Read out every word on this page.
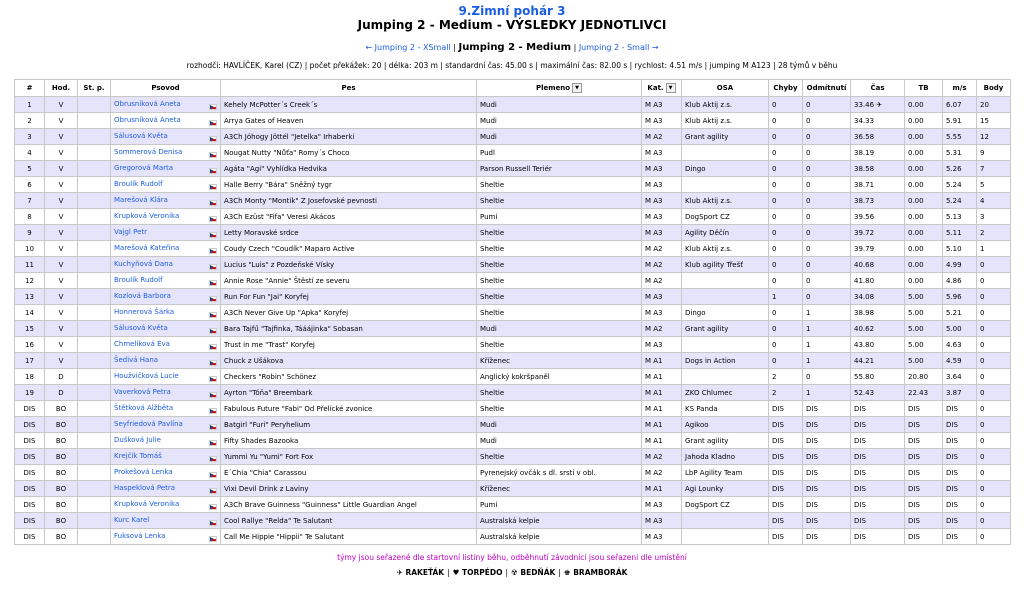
9.Zimní pohár 3
Jumping 2 - Medium - VÝSLEDKY JEDNOTLIVCI
← Jumping 2 - XSmall | Jumping 2 - Medium | Jumping 2 - Small →
rozhodčí: HAVLÍČEK, Karel (CZ) | počet překážek: 20 | délka: 203 m | standardní čas: 45.00 s | maximální čas: 82.00 s | rychlost: 4.51 m/s | jumping M A123 | 28 týmů v běhu
#	Hod.	St. p.	Psovod	Pes	Plemeno ▼	Kat. ▼	OSA	Chyby	Odmítnutí	Čas	TB	m/s	Body
1	V		Obrusníková Aneta	Kehely McPotter´s Creek´s	Mudi	M A3	Klub Aktij z.s.	0	0	33.46 ✈	0.00	6.07	20
2	V		Obrusníková Aneta	Arrya Gates of Heaven	Mudi	M A3	Klub Aktij z.s.	0	0	34.33	0.00	5.91	15
3	V		Sálusová Květa	A3Ch Jóhogy Jöttél "Jetelka" Irhaberki	Mudi	M A2	Grant agility	0	0	36.58	0.00	5.55	12
4	V		Sommerová Denisa	Nougat Nutty "Nůťa" Romy´s Choco	Pudl	M A3		0	0	38.19	0.00	5.31	9
5	V		Gregorová Marta	Agáta "Agi" Vyhlídka Hedvika	Parson Russell Teriér	M A3	Dingo	0	0	38.58	0.00	5.26	7
6	V		Broulík Rudolf	Halle Berry "Bára" Sněžný tygr	Sheltie	M A3		0	0	38.71	0.00	5.24	5
7	V		Marešová Klára	A3Ch Monty "Montík" Z Josefovské pevnosti	Sheltie	M A3	Klub Aktij z.s.	0	0	38.73	0.00	5.24	4
8	V		Krupková Veronika	A3Ch Ezüst "Fifa" Veresi Akácos	Pumi	M A3	DogSport CZ	0	0	39.56	0.00	5.13	3
9	V		Vajgl Petr	Letty Moravské srdce	Sheltie	M A3	Agility Děčín	0	0	39.72	0.00	5.11	2
10	V		Marešová Kateřina	Coudy Czech "Coudík" Maparo Active	Sheltie	M A2	Klub Aktij z.s.	0	0	39.79	0.00	5.10	1
11	V		Kuchyňová Dana	Lucius "Luis" z Pozdeňské Vísky	Sheltie	M A2	Klub agility Třešť	0	0	40.68	0.00	4.99	0
12	V		Broulík Rudolf	Annie Rose "Annie" Štěstí ze severu	Sheltie	M A2		0	0	41.80	0.00	4.86	0
13	V		Kozlová Barbora	Run For Fun "Jai" Koryfej	Sheltie	M A3		1	0	34.08	5.00	5.96	0
14	V		Honnerová Šárka	A3Ch Never Give Up "Apka" Koryfej	Sheltie	M A3	Dingo	0	1	38.98	5.00	5.21	0
15	V		Sálusová Květa	Bara Tajfű "Tajfinka, Tááájinka" Sobasan	Mudi	M A2	Grant agility	0	1	40.62	5.00	5.00	0
16	V		Chmelíková Eva	Trust in me "Trast" Koryfej	Sheltie	M A3		0	1	43.80	5.00	4.63	0
17	V		Šedivá Hana	Chuck z Ušákova	Kříženec	M A1	Dogs in Action	0	1	44.21	5.00	4.59	0
18	D		Houžvičková Lucie	Checkers "Robin" Schönez	Anglický kokršpaněl	M A1		2	0	55.80	20.80	3.64	0
19	D		Vaverková Petra	Ayrton "Tóňa" Breembark	Sheltie	M A1	ZKO Chlumec	2	1	52.43	22.43	3.87	0
DIS	BO		Štětková Alžběta	Fabulous Future "Fabi" Od Přelícké zvonice	Sheltie	M A1	KS Panda	DIS	DIS	DIS	DIS	DIS	0
DIS	BO		Seyfriedová Pavlína	Batgirl "Furi" Peryhelium	Mudi	M A1	Agikoo	DIS	DIS	DIS	DIS	DIS	0
DIS	BO		Dušková Julie	Fifty Shades Bazooka	Mudi	M A1	Grant agility	DIS	DIS	DIS	DIS	DIS	0
DIS	BO		Krejčík Tomáš	Yummi Yu "Yumi" Fort Fox	Sheltie	M A2	Jahoda Kladno	DIS	DIS	DIS	DIS	DIS	0
DIS	BO		Prokešová Lenka	E´Chia "Chia" Carassou	Pyrenejský ovčák s dl. srstí v obl.	M A2	LbP Agility Team	DIS	DIS	DIS	DIS	DIS	0
DIS	BO		Haspeklová Petra	Vixi Devil Drink z Laviny	Kříženec	M A1	Agi Lounky	DIS	DIS	DIS	DIS	DIS	0
DIS	BO		Krupková Veronika	A3Ch Brave Guinness "Guinness" Little Guardian Angel	Pumi	M A3	DogSport CZ	DIS	DIS	DIS	DIS	DIS	0
DIS	BO		Kurc Karel	Cool Rallye "Relda" Te Salutant	Australská kelpie	M A3		DIS	DIS	DIS	DIS	DIS	0
DIS	BO		Fuksová Lenka	Call Me Hippie "Hippii" Te Salutant	Australská kelpie	M A3		DIS	DIS	DIS	DIS	DIS	0
týmy jsou seřazené dle startovní listiny běhu, odběhnutí závodníci jsou seřazeni dle umístění
✈ RAKEŤÁK | ♥ TORPÉDO | ☢ BEDŇÁK | ♚ BRAMBORÁK
